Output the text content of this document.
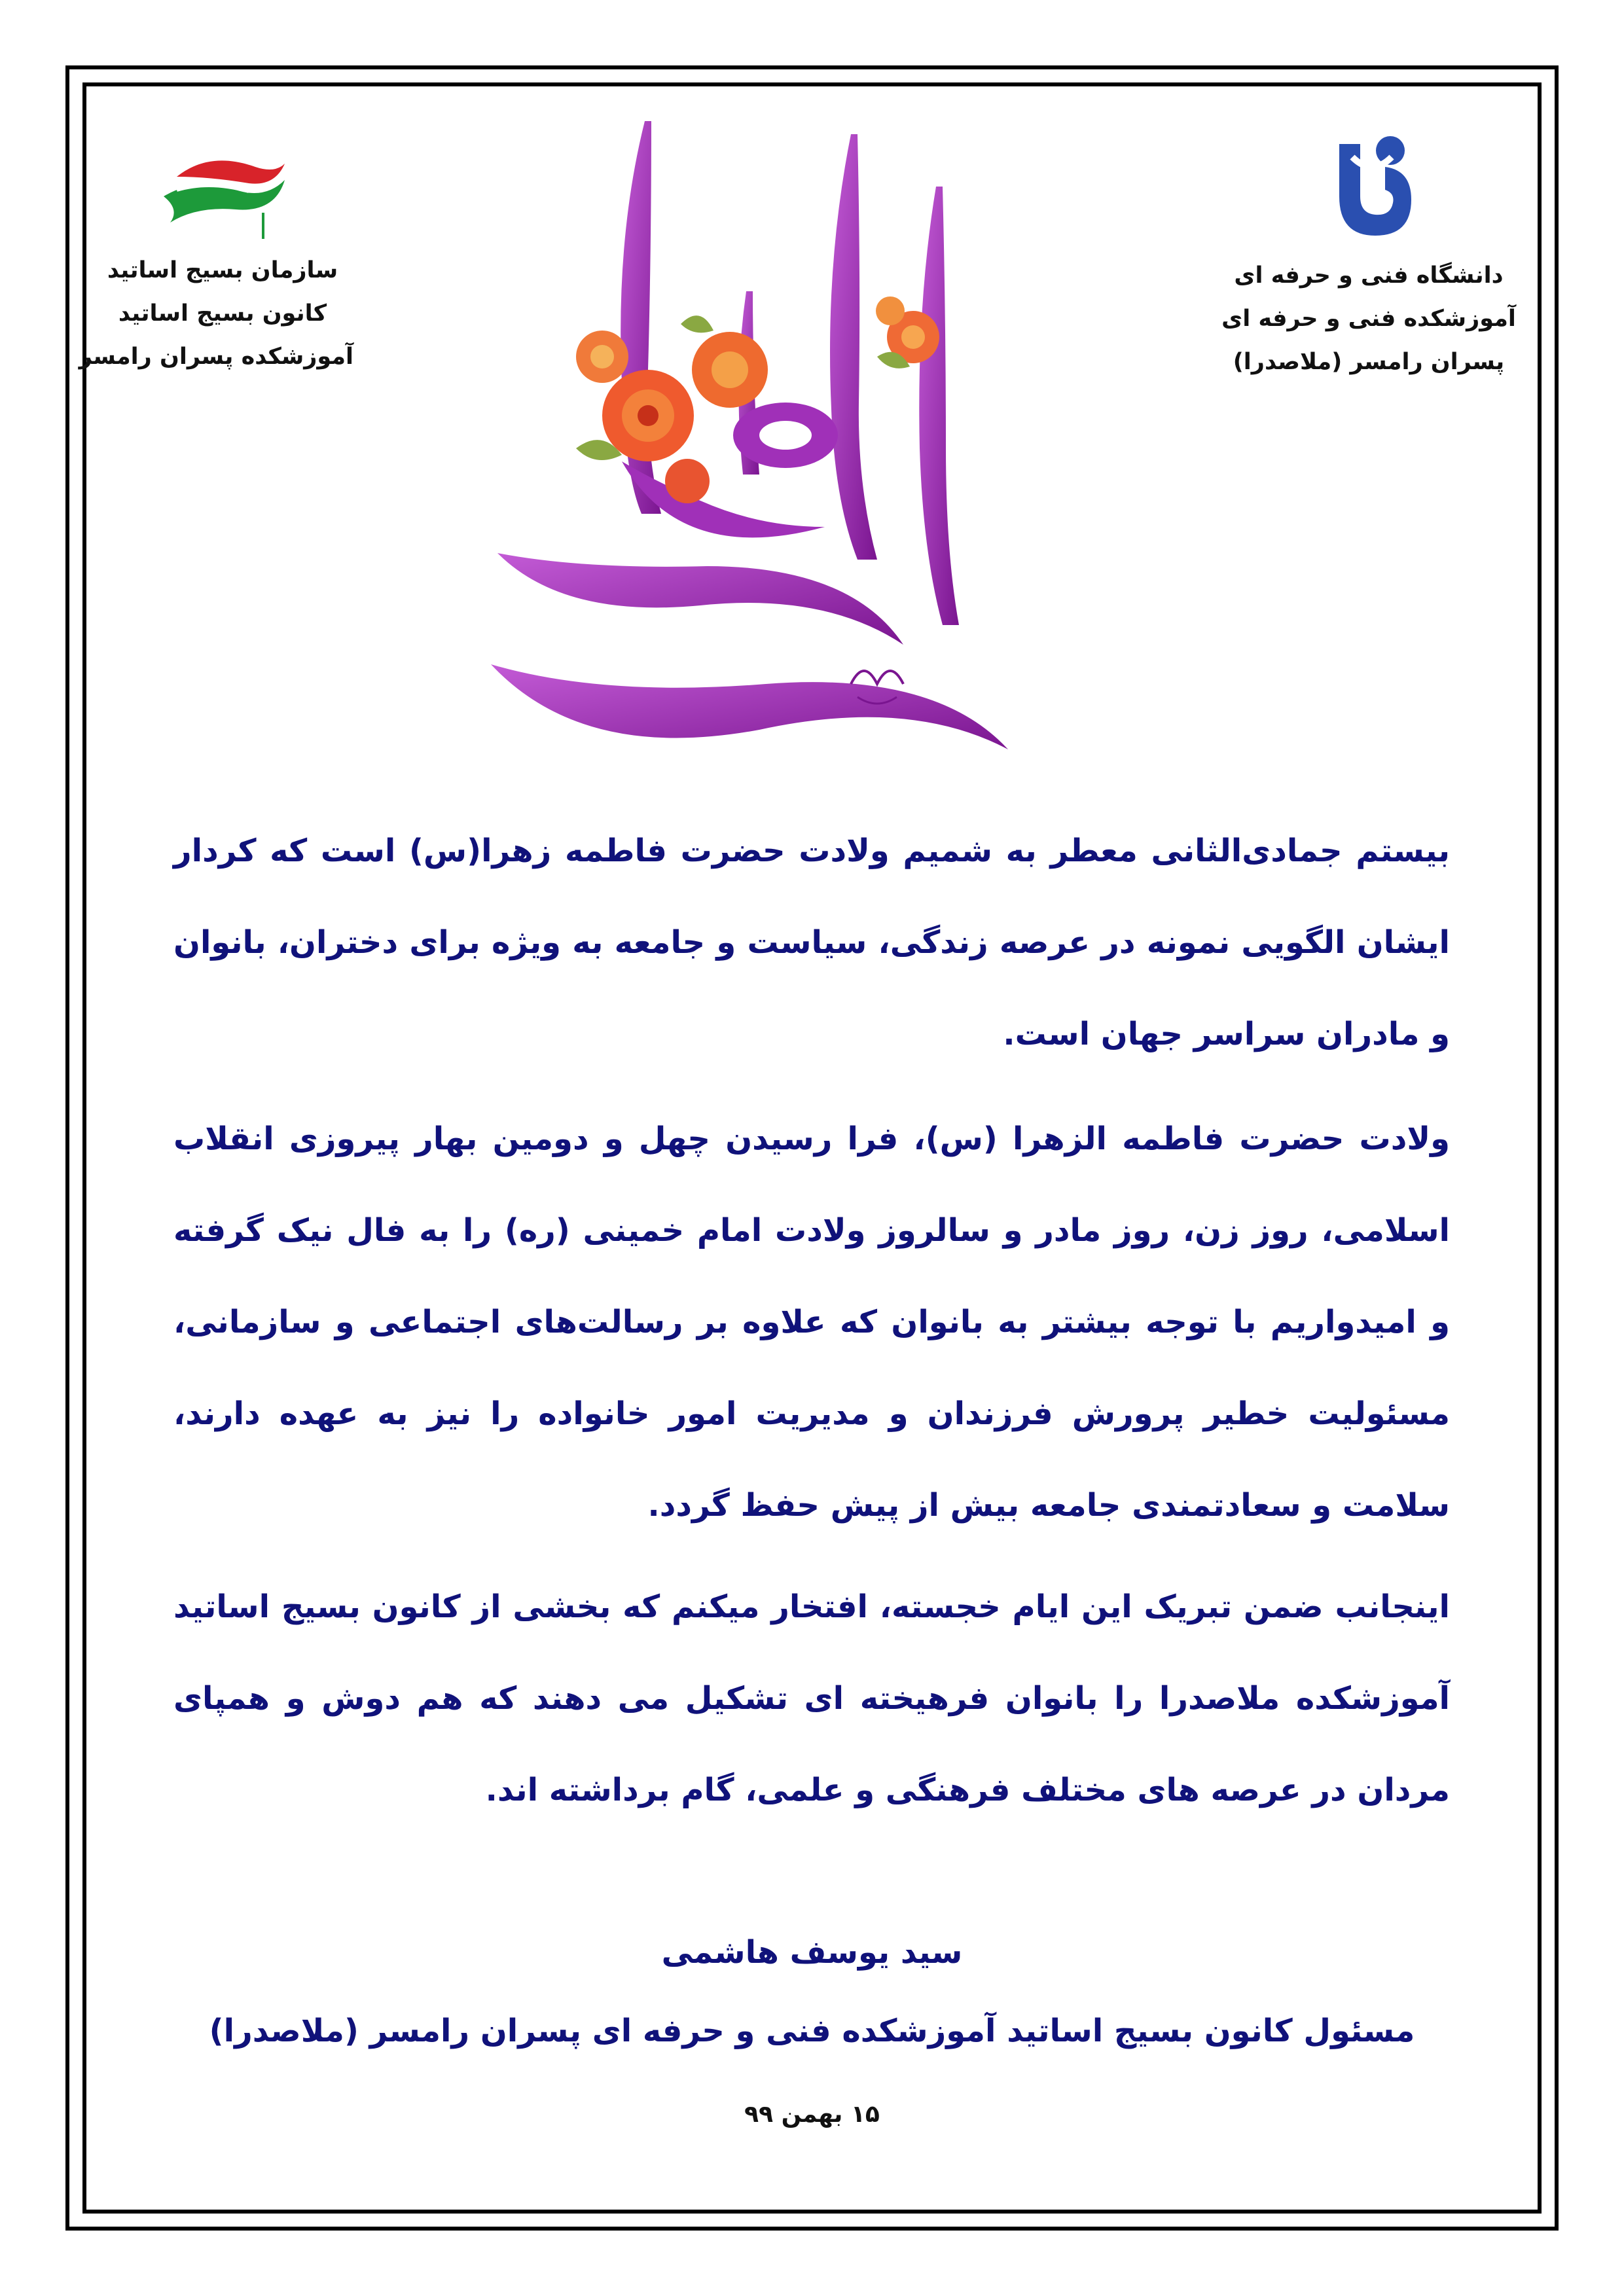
دانشگاه فنی و حرفه ای
آموزشکده فنی و حرفه ای
پسران رامسر (ملاصدرا)
سازمان بسیج اساتید
کانون بسیج اساتید
آموزشکده پسران رامسر
بیستم جمادی‌الثانی معطر به شمیم ولادت حضرت فاطمه زهرا(س) است که کردار ایشان الگویی نمونه در عرصه زندگی، سیاست و جامعه به ویژه برای دختران، بانوان و مادران سراسر جهان است.
ولادت حضرت فاطمه الزهرا (س)، فرا رسیدن چهل و دومین بهار پیروزی انقلاب اسلامی، روز زن، روز مادر و سالروز ولادت امام خمینی (ره) را به فال نیک گرفته و امیدواریم با توجه بیشتر به بانوان که علاوه بر رسالت‌های اجتماعی و سازمانی، مسئولیت خطیر پرورش فرزندان و مدیریت امور خانواده را نیز به عهده دارند، سلامت و سعادتمندی جامعه بیش از پیش حفظ گردد.
اینجانب ضمن تبریک این ایام خجسته، افتخار میکنم که بخشی از کانون بسیج اساتید آموزشکده ملاصدرا را بانوان فرهیخته ای تشکیل می دهند که هم دوش و همپای مردان در عرصه های مختلف فرهنگی و علمی، گام برداشته اند.
سید یوسف هاشمی
مسئول کانون بسیج اساتید آموزشکده فنی و حرفه ای پسران رامسر (ملاصدرا)
۱۵ بهمن ۹۹
